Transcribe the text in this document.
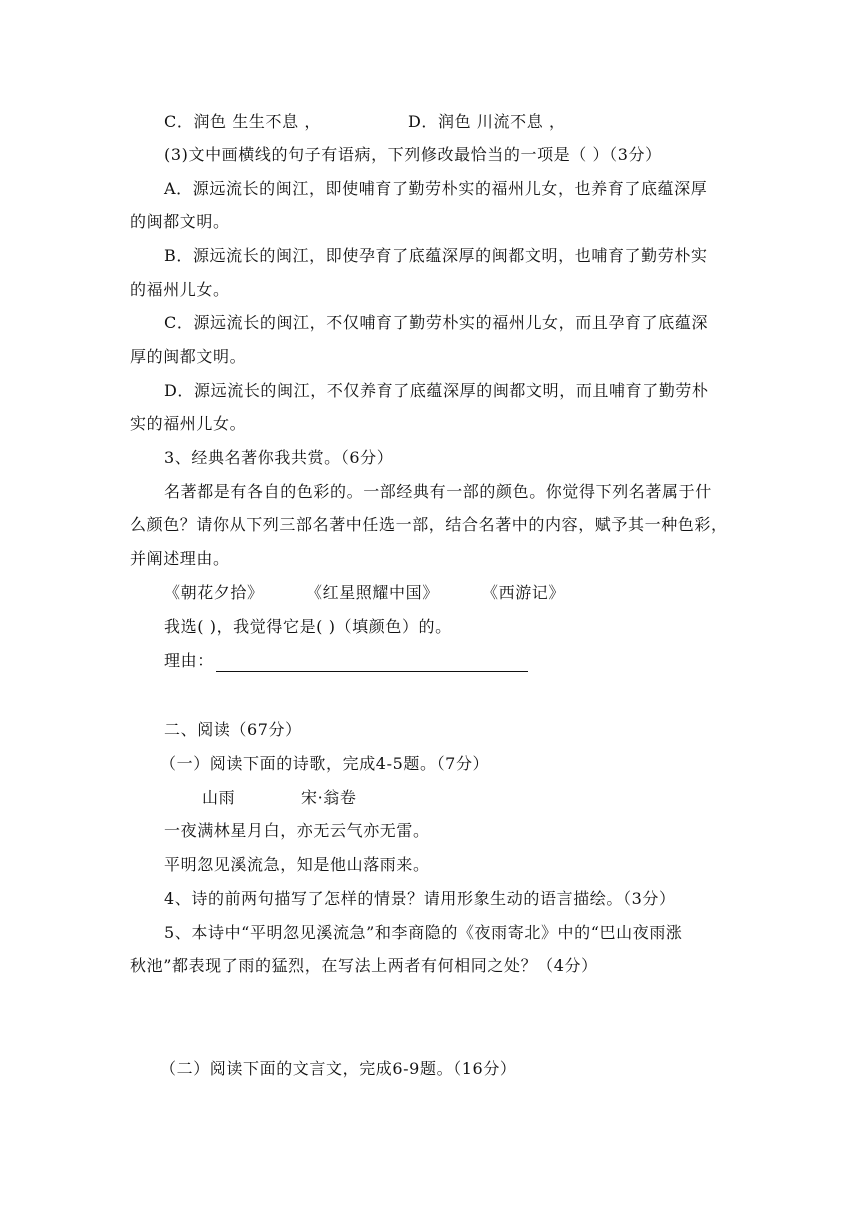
C．润色 生生不息 ，	D．润色 川流不息 ，
(3)文中画横线的句子有语病，下列修改最恰当的一项是（ ）（3分）
A．源远流长的闽江，即使哺育了勤劳朴实的福州儿女，也养育了底蕴深厚
的闽都文明。
B．源远流长的闽江，即使孕育了底蕴深厚的闽都文明，也哺育了勤劳朴实
的福州儿女。
C．源远流长的闽江，不仅哺育了勤劳朴实的福州儿女，而且孕育了底蕴深
厚的闽都文明。
D．源远流长的闽江，不仅养育了底蕴深厚的闽都文明，而且哺育了勤劳朴
实的福州儿女。
3、经典名著你我共赏。（6分）
名著都是有各自的色彩的。一部经典有一部的颜色。你觉得下列名著属于什
么颜色？请你从下列三部名著中任选一部，结合名著中的内容，赋予其一种色彩，
并阐述理由。
《朝花夕拾》	《红星照耀中国》	《西游记》
我选( )，我觉得它是( )（填颜色）的。
理由：
二、阅读（67分）
（一）阅读下面的诗歌，完成4-5题。（7分）
山雨	宋·翁卷
一夜满林星月白，亦无云气亦无雷。
平明忽见溪流急，知是他山落雨来。
4、诗的前两句描写了怎样的情景？请用形象生动的语言描绘。（3分）
5、本诗中“平明忽见溪流急”和李商隐的《夜雨寄北》中的“巴山夜雨涨
秋池”都表现了雨的猛烈，在写法上两者有何相同之处？（4分）
（二）阅读下面的文言文，完成6-9题。（16分）
